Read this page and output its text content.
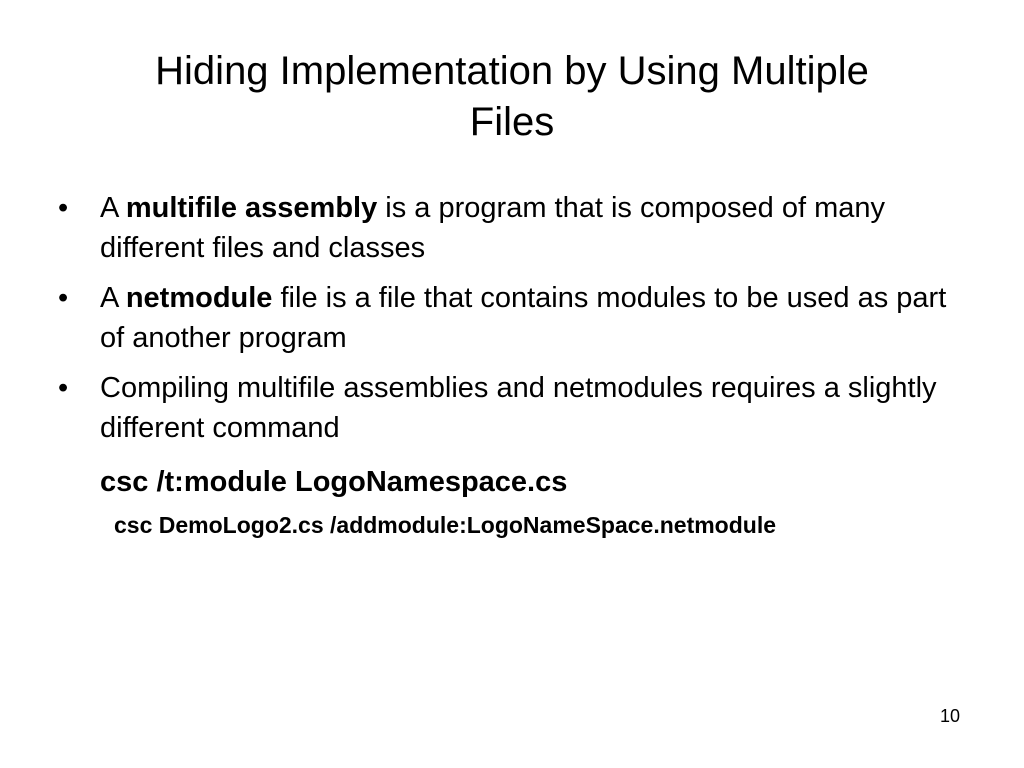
Hiding Implementation by Using Multiple
Files
•	A multifile assembly is a program that is composed of many different files and classes
•	A netmodule file is a file that contains modules to be used as part of another program
•	Compiling multifile assemblies and netmodules requires a slightly different command
csc /t:module LogoNamespace.cs
csc DemoLogo2.cs /addmodule:LogoNameSpace.netmodule
10
